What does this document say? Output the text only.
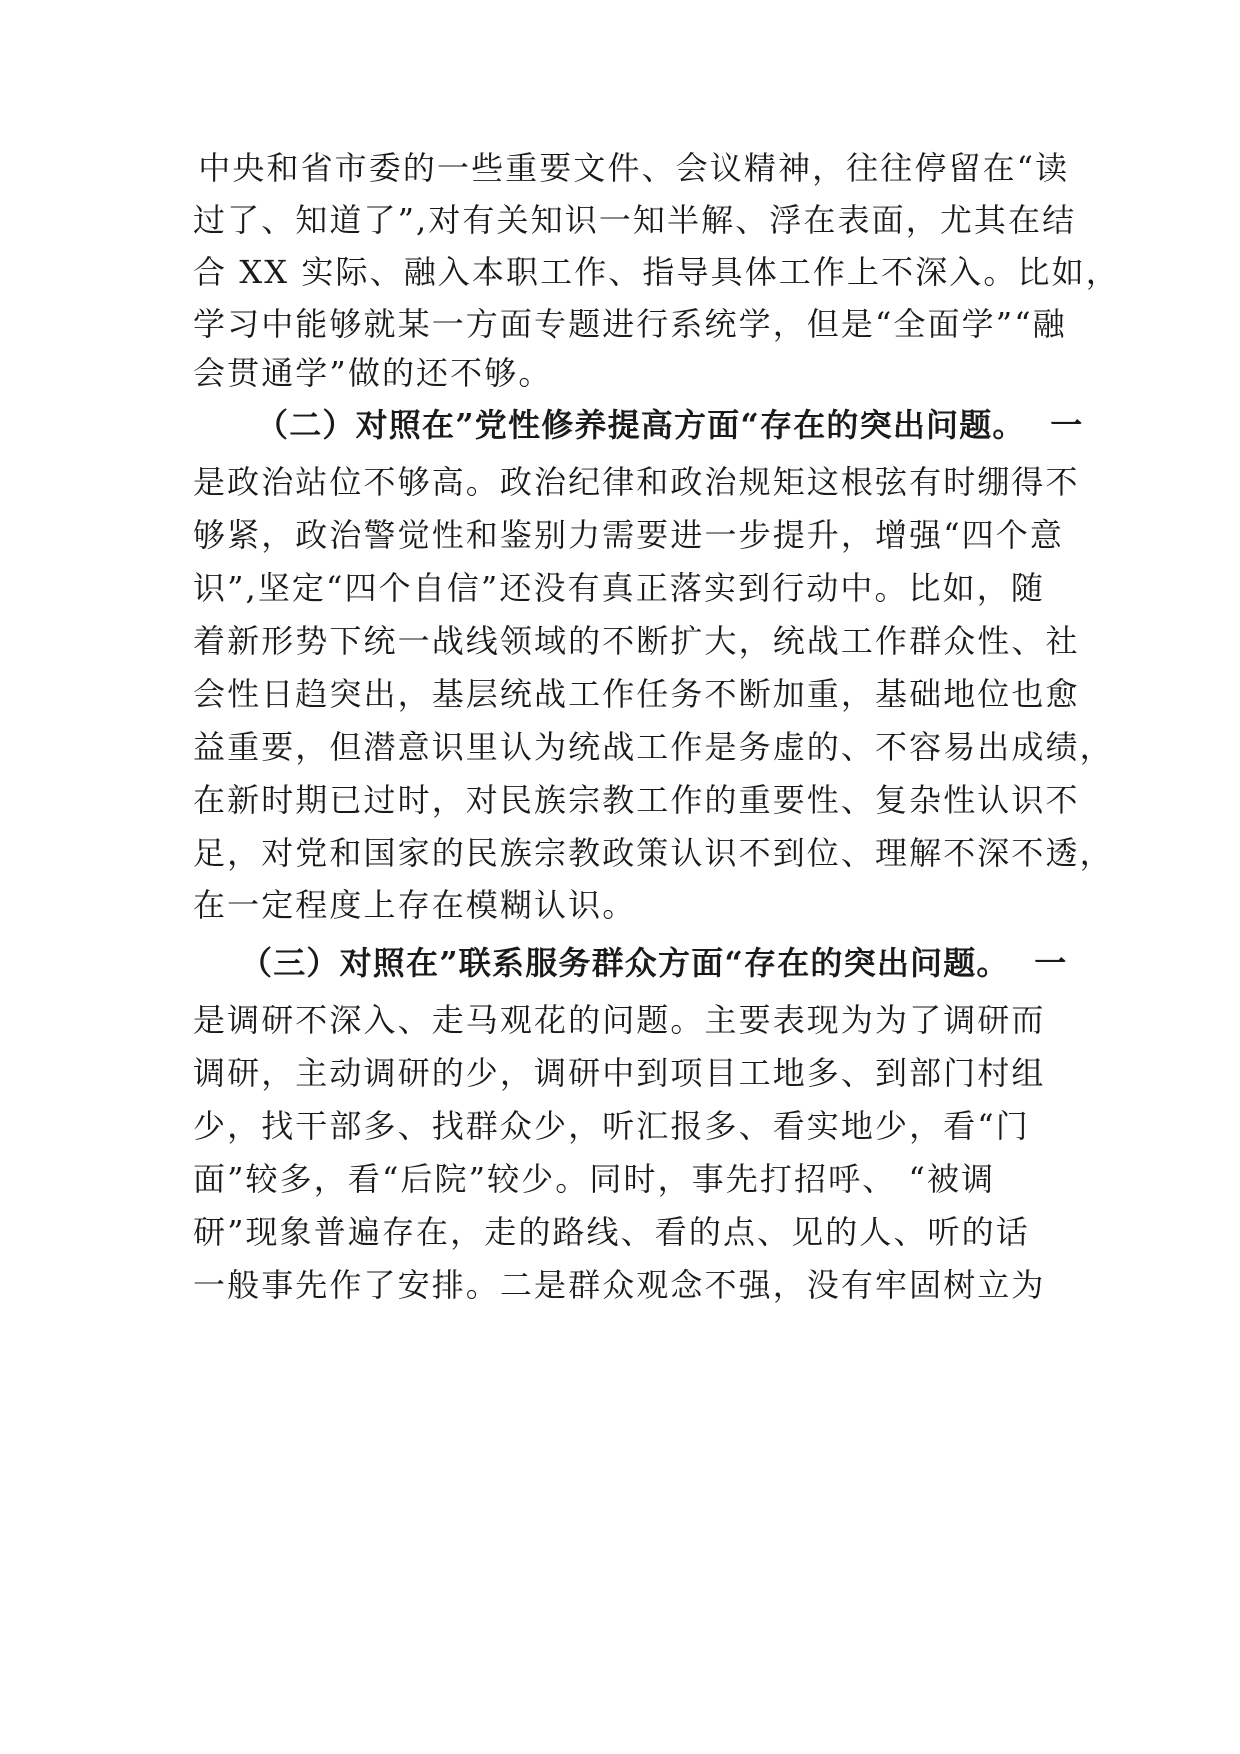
中央和省市委的一些重要文件、会议精神，往往停留在“读
过了、知道了”,对有关知识一知半解、浮在表面，尤其在结
合 XX 实际、融入本职工作、指导具体工作上不深入。比如，
学习中能够就某一方面专题进行系统学，但是“全面学”“融
会贯通学”做的还不够。
（二）对照在”党性修养提高方面“存在的突出问题。  一
是政治站位不够高。政治纪律和政治规矩这根弦有时绷得不
够紧，政治警觉性和鉴别力需要进一步提升，增强“四个意
识”,坚定“四个自信”还没有真正落实到行动中。比如，随
着新形势下统一战线领域的不断扩大，统战工作群众性、社
会性日趋突出，基层统战工作任务不断加重，基础地位也愈
益重要，但潜意识里认为统战工作是务虚的、不容易出成绩，
在新时期已过时，对民族宗教工作的重要性、复杂性认识不
足，对党和国家的民族宗教政策认识不到位、理解不深不透，
在一定程度上存在模糊认识。
（三）对照在”联系服务群众方面“存在的突出问题。  一
是调研不深入、走马观花的问题。主要表现为为了调研而
调研，主动调研的少，调研中到项目工地多、到部门村组
少，找干部多、找群众少，听汇报多、看实地少，看“门
面”较多，看“后院”较少。同时，事先打招呼、 “被调
研”现象普遍存在，走的路线、看的点、见的人、听的话
一般事先作了安排。二是群众观念不强，没有牢固树立为
